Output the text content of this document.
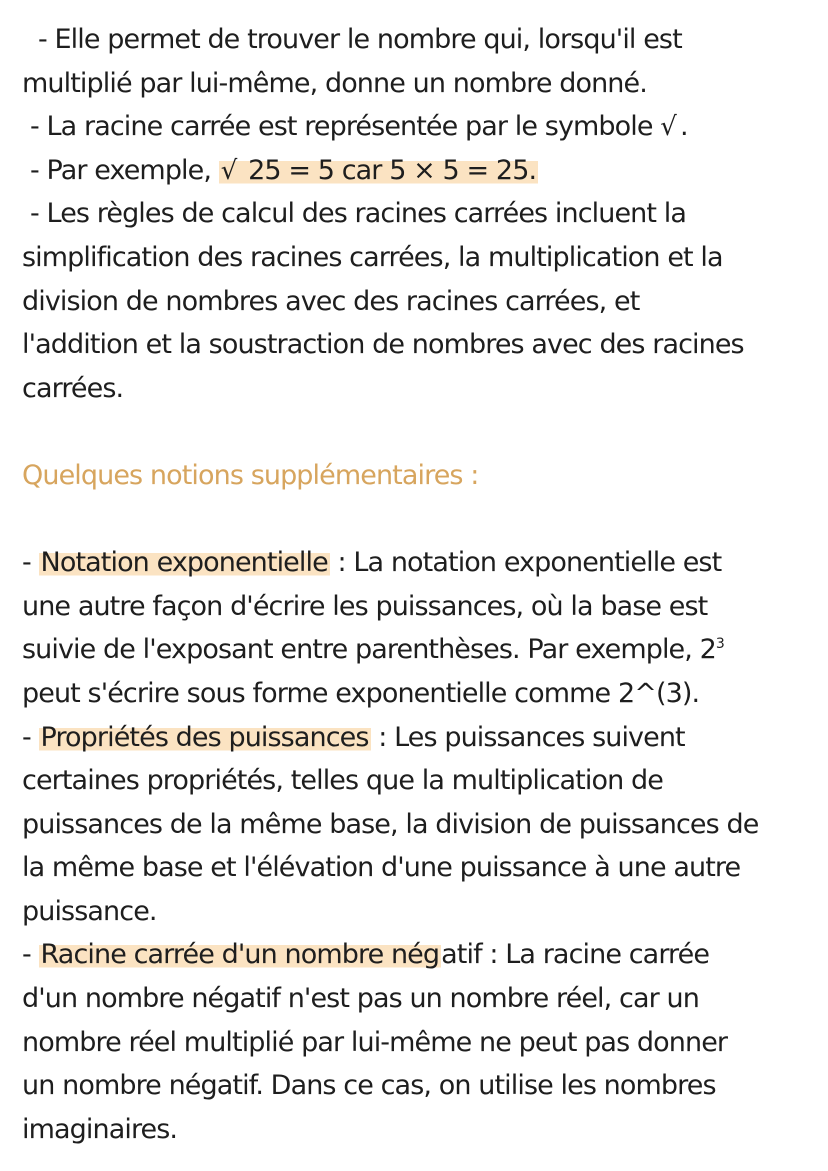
- Elle permet de trouver le nombre qui, lorsqu'il est
multiplié par lui-même, donne un nombre donné.
- La racine carrée est représentée par le symbole √ .
- Par exemple, √ 25 = 5 car 5 × 5 = 25.
- Les règles de calcul des racines carrées incluent la
simplification des racines carrées, la multiplication et la
division de nombres avec des racines carrées, et
l'addition et la soustraction de nombres avec des racines
carrées.
Quelques notions supplémentaires :
- Notation exponentielle : La notation exponentielle est
une autre façon d'écrire les puissances, où la base est
suivie de l'exposant entre parenthèses. Par exemple, $2^3$
peut s'écrire sous forme exponentielle comme 2^(3).
- Propriétés des puissances : Les puissances suivent
certaines propriétés, telles que la multiplication de
puissances de la même base, la division de puissances de
la même base et l'élévation d'une puissance à une autre
puissance.
- Racine carrée d'un nombre négatif : La racine carrée
d'un nombre négatif n'est pas un nombre réel, car un
nombre réel multiplié par lui-même ne peut pas donner
un nombre négatif. Dans ce cas, on utilise les nombres
imaginaires.
